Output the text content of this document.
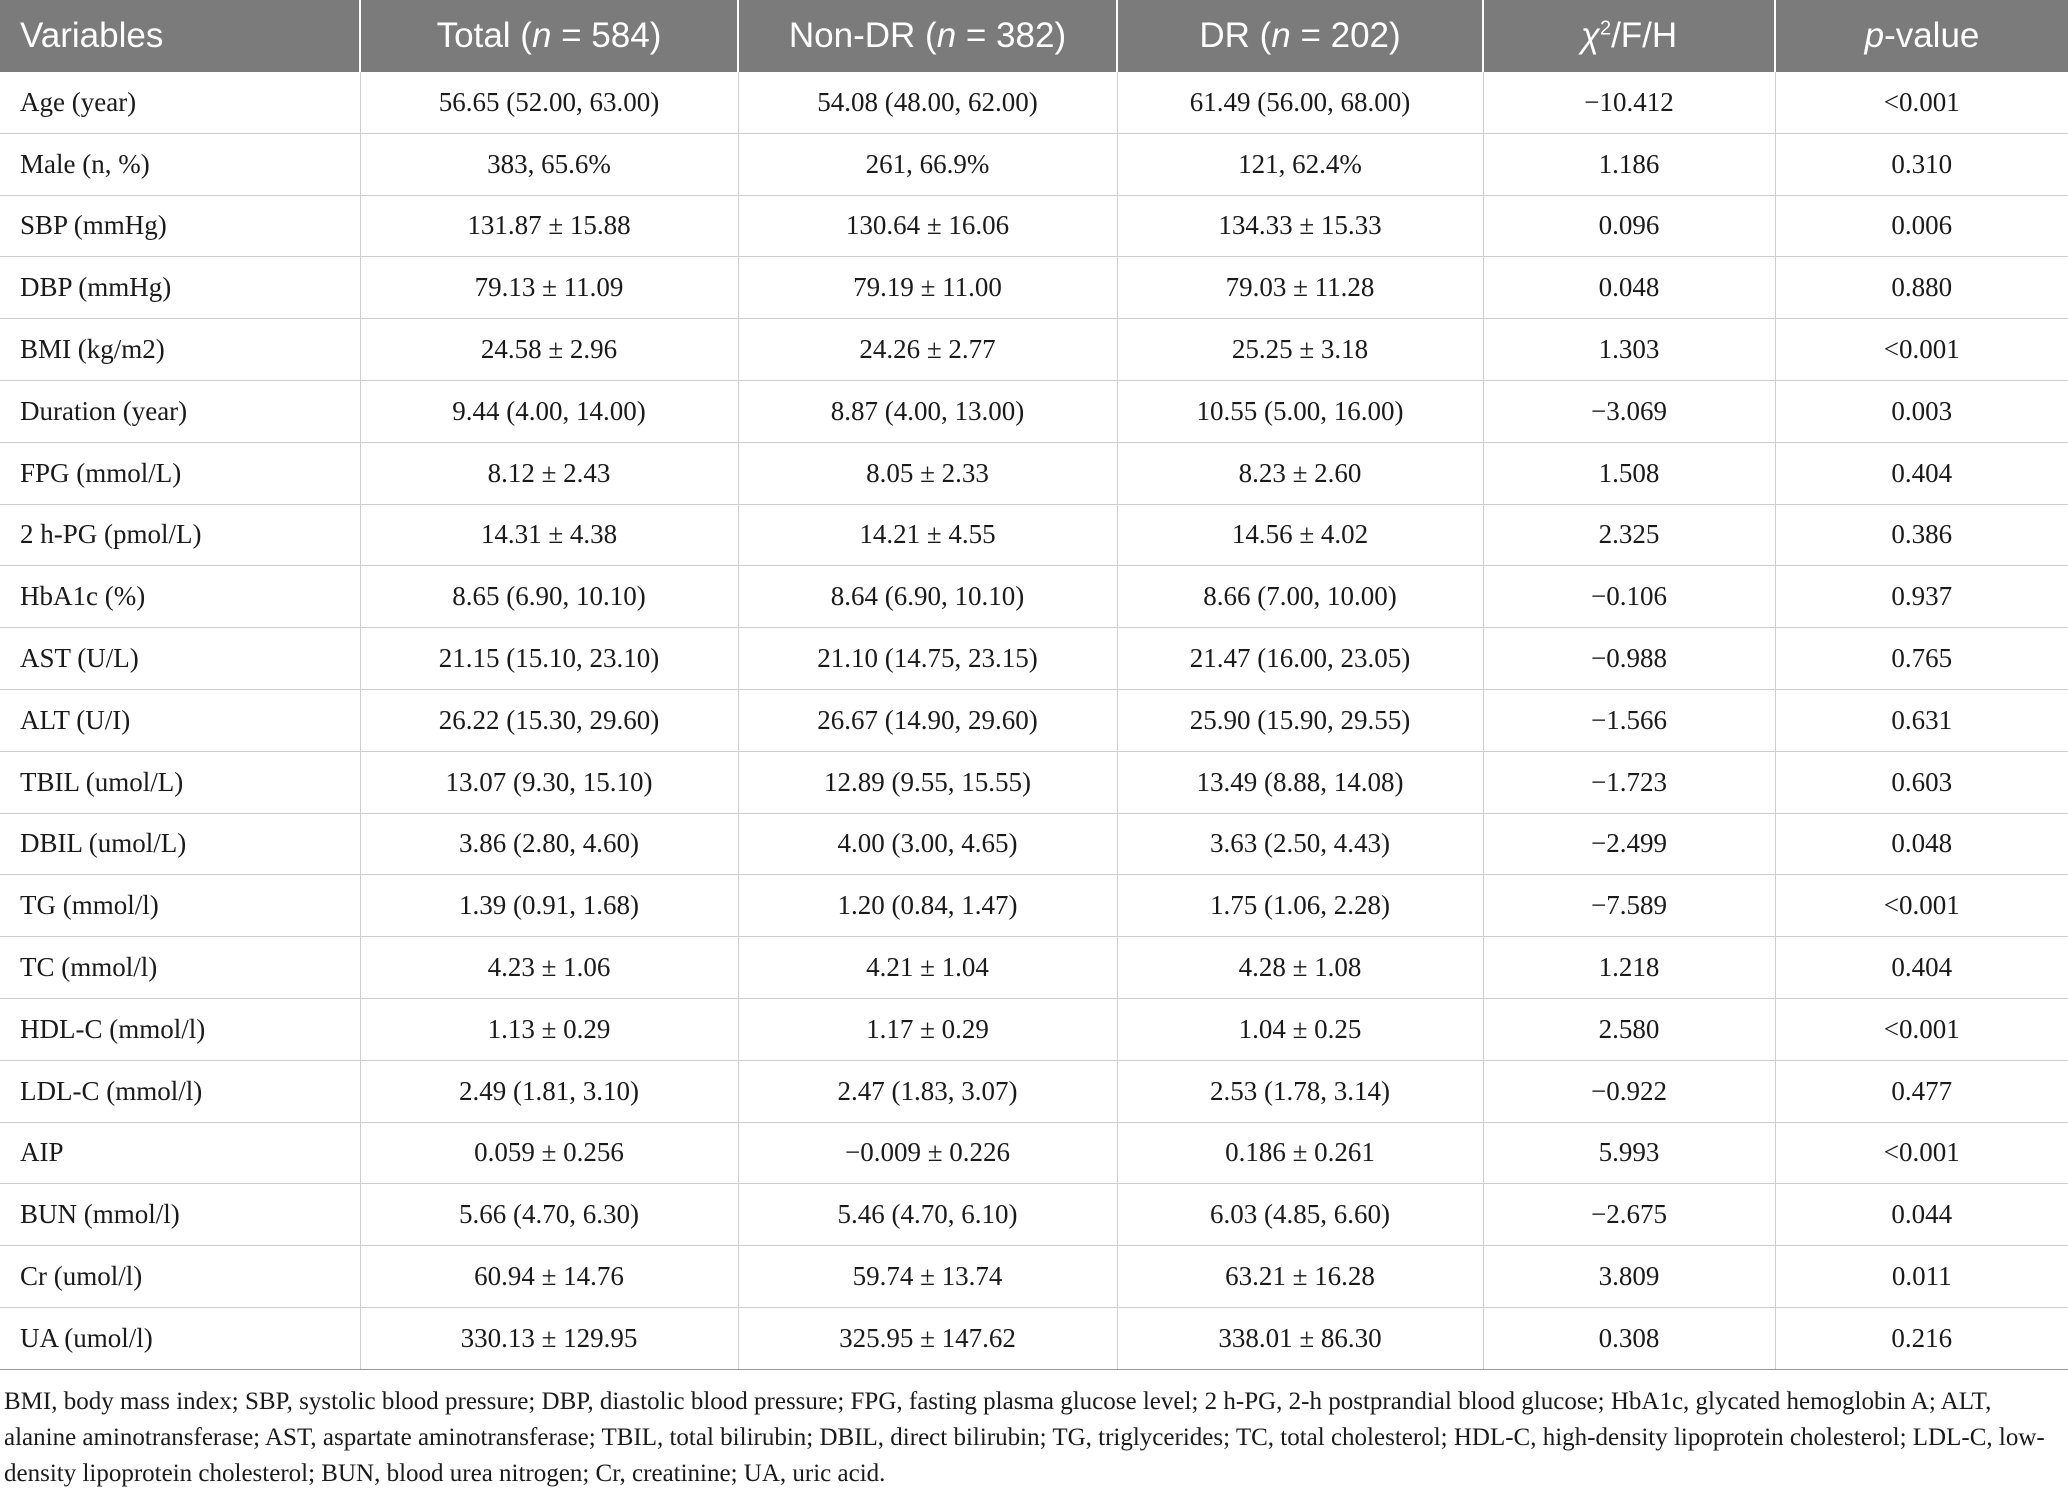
Variables	Total (n = 584)	Non-DR (n = 382)	DR (n = 202)	$\chi^2/F/H$	p-value
Age (year)	56.65 (52.00, 63.00)	54.08 (48.00, 62.00)	61.49 (56.00, 68.00)	−10.412	<0.001
Male (n, %)	383, 65.6%	261, 66.9%	121, 62.4%	1.186	0.310
SBP (mmHg)	131.87 ± 15.88	130.64 ± 16.06	134.33 ± 15.33	0.096	0.006
DBP (mmHg)	79.13 ± 11.09	79.19 ± 11.00	79.03 ± 11.28	0.048	0.880
BMI (kg/m2)	24.58 ± 2.96	24.26 ± 2.77	25.25 ± 3.18	1.303	<0.001
Duration (year)	9.44 (4.00, 14.00)	8.87 (4.00, 13.00)	10.55 (5.00, 16.00)	−3.069	0.003
FPG (mmol/L)	8.12 ± 2.43	8.05 ± 2.33	8.23 ± 2.60	1.508	0.404
2 h-PG (pmol/L)	14.31 ± 4.38	14.21 ± 4.55	14.56 ± 4.02	2.325	0.386
HbA1c (%)	8.65 (6.90, 10.10)	8.64 (6.90, 10.10)	8.66 (7.00, 10.00)	−0.106	0.937
AST (U/L)	21.15 (15.10, 23.10)	21.10 (14.75, 23.15)	21.47 (16.00, 23.05)	−0.988	0.765
ALT (U/I)	26.22 (15.30, 29.60)	26.67 (14.90, 29.60)	25.90 (15.90, 29.55)	−1.566	0.631
TBIL (umol/L)	13.07 (9.30, 15.10)	12.89 (9.55, 15.55)	13.49 (8.88, 14.08)	−1.723	0.603
DBIL (umol/L)	3.86 (2.80, 4.60)	4.00 (3.00, 4.65)	3.63 (2.50, 4.43)	−2.499	0.048
TG (mmol/l)	1.39 (0.91, 1.68)	1.20 (0.84, 1.47)	1.75 (1.06, 2.28)	−7.589	<0.001
TC (mmol/l)	4.23 ± 1.06	4.21 ± 1.04	4.28 ± 1.08	1.218	0.404
HDL-C (mmol/l)	1.13 ± 0.29	1.17 ± 0.29	1.04 ± 0.25	2.580	<0.001
LDL-C (mmol/l)	2.49 (1.81, 3.10)	2.47 (1.83, 3.07)	2.53 (1.78, 3.14)	−0.922	0.477
AIP	0.059 ± 0.256	−0.009 ± 0.226	0.186 ± 0.261	5.993	<0.001
BUN (mmol/l)	5.66 (4.70, 6.30)	5.46 (4.70, 6.10)	6.03 (4.85, 6.60)	−2.675	0.044
Cr (umol/l)	60.94 ± 14.76	59.74 ± 13.74	63.21 ± 16.28	3.809	0.011
UA (umol/l)	330.13 ± 129.95	325.95 ± 147.62	338.01 ± 86.30	0.308	0.216

BMI, body mass index; SBP, systolic blood pressure; DBP, diastolic blood pressure; FPG, fasting plasma glucose level; 2 h-PG, 2-h postprandial blood glucose; HbA1c, glycated hemoglobin A; ALT, alanine aminotransferase; AST, aspartate aminotransferase; TBIL, total bilirubin; DBIL, direct bilirubin; TG, triglycerides; TC, total cholesterol; HDL-C, high-density lipoprotein cholesterol; LDL-C, low-density lipoprotein cholesterol; BUN, blood urea nitrogen; Cr, creatinine; UA, uric acid.
